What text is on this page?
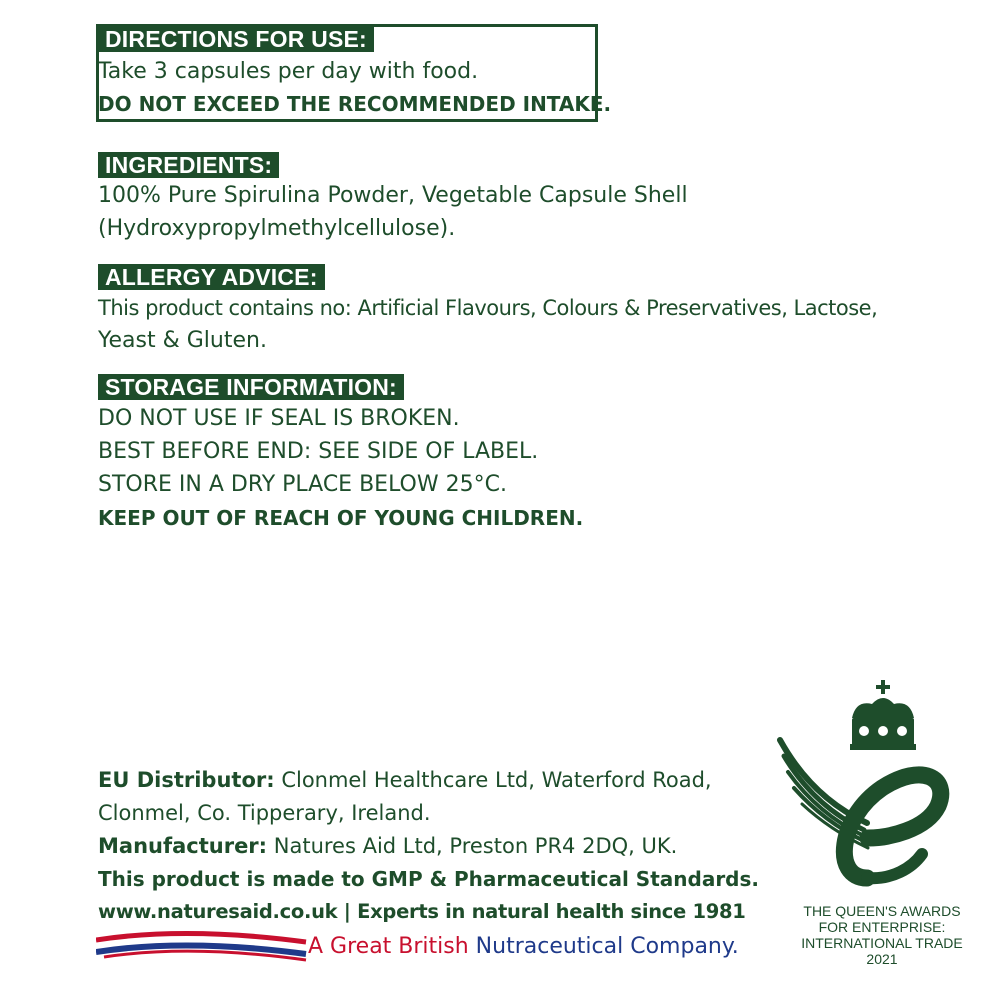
DIRECTIONS FOR USE:
Take 3 capsules per day with food.
DO NOT EXCEED THE RECOMMENDED INTAKE.
INGREDIENTS:
100% Pure Spirulina Powder, Vegetable Capsule Shell
(Hydroxypropylmethylcellulose).
ALLERGY ADVICE:
This product contains no: Artificial Flavours, Colours & Preservatives, Lactose,
Yeast & Gluten.
STORAGE INFORMATION:
DO NOT USE IF SEAL IS BROKEN.
BEST BEFORE END: SEE SIDE OF LABEL.
STORE IN A DRY PLACE BELOW 25°C.
KEEP OUT OF REACH OF YOUNG CHILDREN.
EU Distributor: Clonmel Healthcare Ltd, Waterford Road,
Clonmel, Co. Tipperary, Ireland.
Manufacturer: Natures Aid Ltd, Preston PR4 2DQ, UK.
This product is made to GMP & Pharmaceutical Standards.
www.naturesaid.co.uk | Experts in natural health since 1981
A Great British Nutraceutical Company.
THE QUEEN'S AWARDS
FOR ENTERPRISE:
INTERNATIONAL TRADE
2021
